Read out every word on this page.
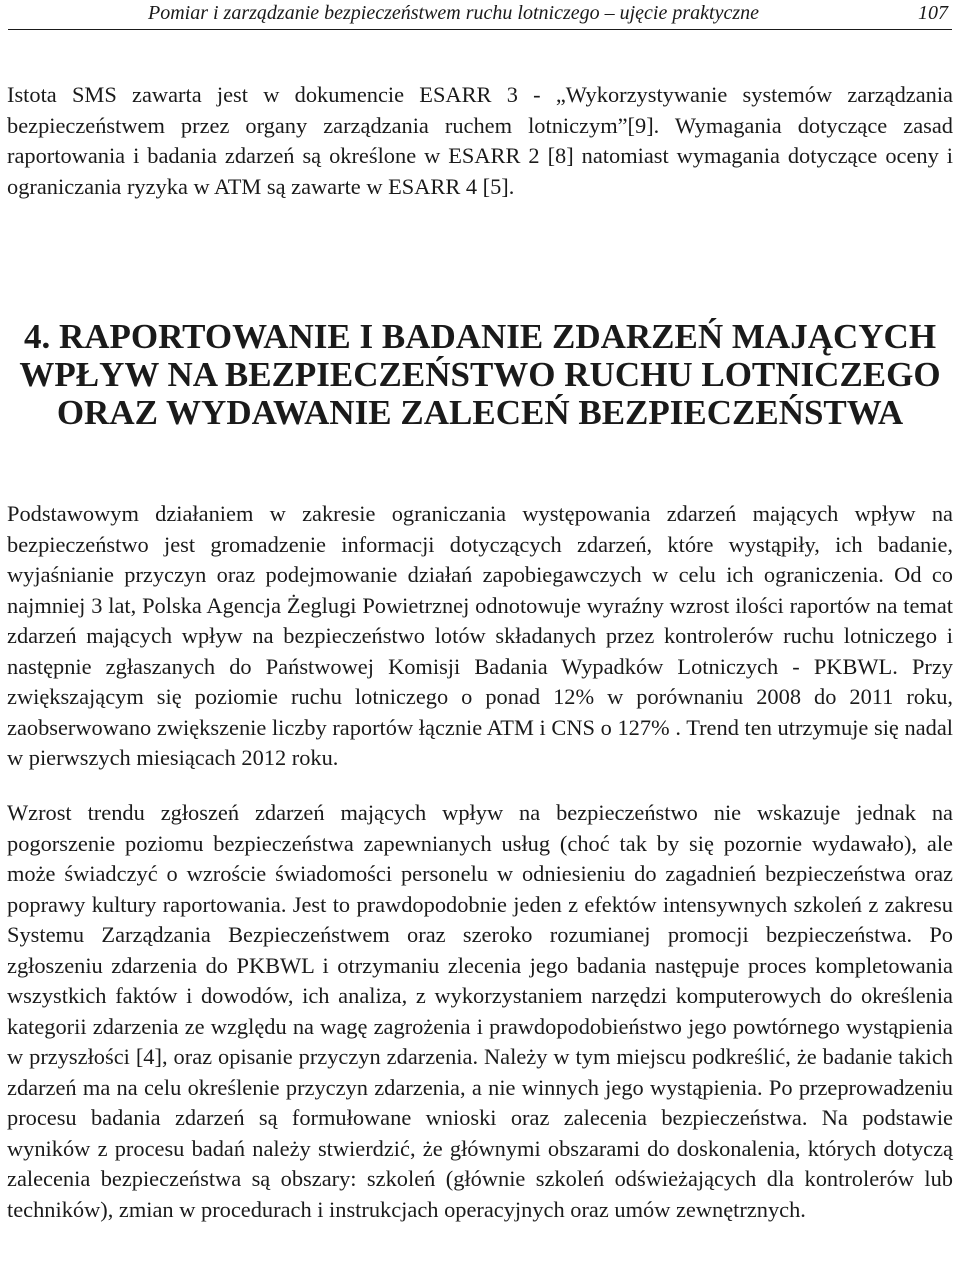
Pomiar i zarządzanie bezpieczeństwem ruchu lotniczego – ujęcie praktyczne	107

Istota SMS zawarta jest w dokumencie ESARR 3 - „Wykorzystywanie systemów zarządzania bezpieczeństwem przez organy zarządzania ruchem lotniczym”[9]. Wymagania dotyczące zasad raportowania i badania zdarzeń są określone w ESARR 2 [8] natomiast wymagania dotyczące oceny i ograniczania ryzyka w ATM są zawarte w ESARR 4 [5].

4. RAPORTOWANIE I BADANIE ZDARZEŃ MAJĄCYCH
WPŁYW NA BEZPIECZEŃSTWO RUCHU LOTNICZEGO
ORAZ WYDAWANIE ZALECEŃ BEZPIECZEŃSTWA

Podstawowym działaniem w zakresie ograniczania występowania zdarzeń mających wpływ na bezpieczeństwo jest gromadzenie informacji dotyczących zdarzeń, które wystąpiły, ich badanie, wyjaśnianie przyczyn oraz podejmowanie działań zapobiegawczych w celu ich ograniczenia. Od co najmniej 3 lat, Polska Agencja Żeglugi Powietrznej odnotowuje wyraźny wzrost ilości raportów na temat zdarzeń mających wpływ na bezpieczeństwo lotów składanych przez kontrolerów ruchu lotniczego i następnie zgłaszanych do Państwowej Komisji Badania Wypadków Lotniczych - PKBWL. Przy zwiększającym się poziomie ruchu lotniczego o ponad 12% w porównaniu 2008 do 2011 roku, zaobserwowano zwiększenie liczby raportów łącznie ATM i CNS o 127% . Trend ten utrzymuje się nadal w pierwszych miesiącach 2012 roku.

Wzrost trendu zgłoszeń zdarzeń mających wpływ na bezpieczeństwo nie wskazuje jednak na pogorszenie poziomu bezpieczeństwa zapewnianych usług (choć tak by się pozornie wydawało), ale może świadczyć o wzroście świadomości personelu w odniesieniu do zagadnień bezpieczeństwa oraz poprawy kultury raportowania. Jest to prawdopodobnie jeden z efektów intensywnych szkoleń z zakresu Systemu Zarządzania Bezpieczeństwem oraz szeroko rozumianej promocji bezpieczeństwa. Po zgłoszeniu zdarzenia do PKBWL i otrzymaniu zlecenia jego badania następuje proces kompletowania wszystkich faktów i dowodów, ich analiza, z wykorzystaniem narzędzi komputerowych do określenia kategorii zdarzenia ze względu na wagę zagrożenia i prawdopodobieństwo jego powtórnego wystąpienia w przyszłości [4], oraz opisanie przyczyn zdarzenia. Należy w tym miejscu podkreślić, że badanie takich zdarzeń ma na celu określenie przyczyn zdarzenia, a nie winnych jego wystąpienia. Po przeprowadzeniu procesu badania zdarzeń są formułowane wnioski oraz zalecenia bezpieczeństwa. Na podstawie wyników z procesu badań należy stwierdzić, że głównymi obszarami do doskonalenia, których dotyczą zalecenia bezpieczeństwa są obszary: szkoleń (głównie szkoleń odświeżających dla kontrolerów lub techników), zmian w procedurach i instrukcjach operacyjnych oraz umów zewnętrznych.
